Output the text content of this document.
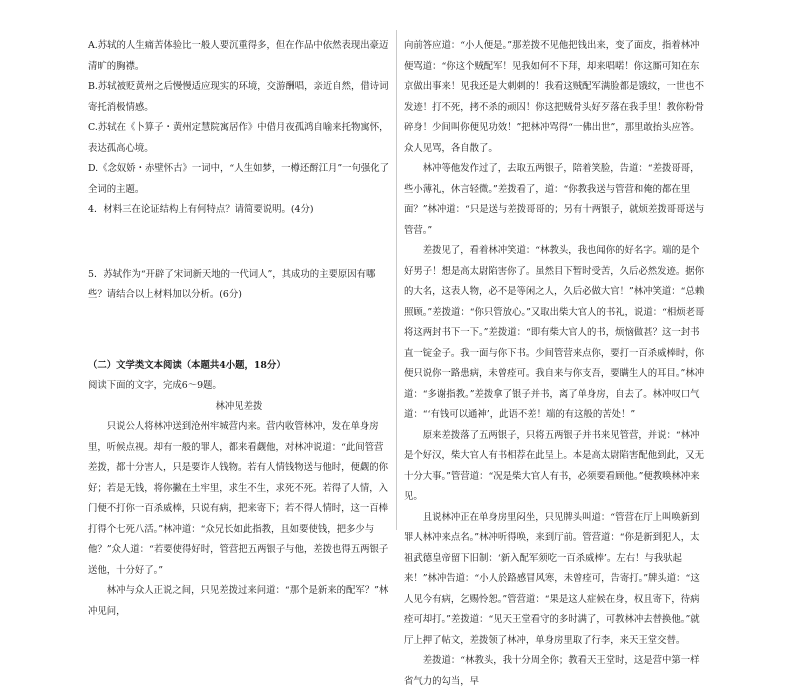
A.苏轼的人生痛苦体验比一般人要沉重得多，但在作品中依然表现出豪迈清旷的胸襟。

B.苏轼被贬黄州之后慢慢适应现实的环境，交游酬唱，亲近自然，借诗词寄托消极情感。

C.苏轼在《卜算子・黄州定慧院寓居作》中借月夜孤鸿自喻来托物寓怀，表达孤高心境。

D.《念奴娇・赤壁怀古》一词中，“人生如梦，一樽还酹江月”一句强化了全词的主题。

4．材料三在论证结构上有何特点？请简要说明。(4分)

5．苏轼作为“开辟了宋词新天地的一代词人”，其成功的主要原因有哪些？请结合以上材料加以分析。(6分)

（二）文学类文本阅读（本题共4小题，18分）

阅读下面的文字，完成6～9题。

林冲见差拨

只说公人将林冲送到沧州牢城营内来。营内收管林冲，发在单身房里，听候点视。却有一般的罪人，都来看觑他，对林冲说道：“此间管营差拨，都十分害人，只是要诈人钱物。若有人情钱物送与他时，便觑的你好；若是无钱，将你撇在土牢里，求生不生，求死不死。若得了人情，入门便不打你一百杀威棒，只说有病，把来寄下；若不得人情时，这一百棒打得个七死八活。”林冲道：“众兄长如此指教，且如要使钱，把多少与他？”众人道：“若要使得好时，管营把五两银子与他，差拨也得五两银子送他，十分好了。”

林冲与众人正说之间，只见差拨过来问道：“那个是新来的配军？”林冲见问，

向前答应道：“小人便是。”那差拨不见他把钱出来，变了面皮，指着林冲便骂道：“你这个贼配军！见我如何不下拜，却来唱喏！你这厮可知在东京做出事来！见我还是大刺刺的！我看这贼配军满脸都是饿纹，一世也不发迹！打不死，拷不杀的顽囚！你这把贼骨头好歹落在我手里！教你粉骨碎身！少间叫你便见功效！”把林冲骂得“一佛出世”，那里敢抬头应答。众人见骂，各自散了。

林冲等他发作过了，去取五两银子，陪着笑脸，告道：“差拨哥哥，些小薄礼，休言轻微。”差拨看了，道：“你教我送与管营和俺的都在里面？”林冲道：“只是送与差拨哥哥的；另有十两银子，就烦差拨哥哥送与管营。”

差拨见了，看着林冲笑道：“林教头，我也闻你的好名字。端的是个好男子！想是高太尉陷害你了。虽然目下暂时受苦，久后必然发迹。据你的大名，这表人物，必不是等闲之人，久后必做大官！”林冲笑道：“总赖照顾。”差拨道：“你只管放心。”又取出柴大官人的书礼，说道：“相烦老哥将这两封书下一下。”差拨道：“即有柴大官人的书，烦恼做甚？这一封书直一锭金子。我一面与你下书。少间管营来点你，要打一百杀威棒时，你便只说你一路患病，未曾痊可。我自来与你支吾，要瞒生人的耳目。”林冲道：“多谢指教。”差拨拿了银子并书，离了单身房，自去了。林冲叹口气道：“‘有钱可以通神’，此语不差！端的有这般的苦处！”

原来差拨落了五两银子，只将五两银子并书来见管营，并说：“林冲是个好汉，柴大官人有书相荐在此呈上。本是高太尉陷害配他到此，又无十分大事。”管营道：“况是柴大官人有书，必须要看顾他。”便教唤林冲来见。

且说林冲正在单身房里闷坐，只见牌头叫道：“管营在厅上叫唤新到罪人林冲来点名。”林冲听得唤，来到厅前。管营道：“你是新到犯人，太祖武德皇帝留下旧制：‘新入配军须吃一百杀威棒’。左右！与我驮起来！”林冲告道：“小人於路感冒风寒，未曾痊可，告寄打。”牌头道：“这人见今有病，乞赐怜恕。”管营道：“果是这人症候在身，权且寄下，待病痊可却打。”差拨道：“见天王堂看守的多时满了，可教林冲去替换他。”就厅上押了帖文，差拨领了林冲，单身房里取了行李，来天王堂交替。

差拨道：“林教头，我十分周全你；教看天王堂时，这是营中第一样省气力的勾当，早
